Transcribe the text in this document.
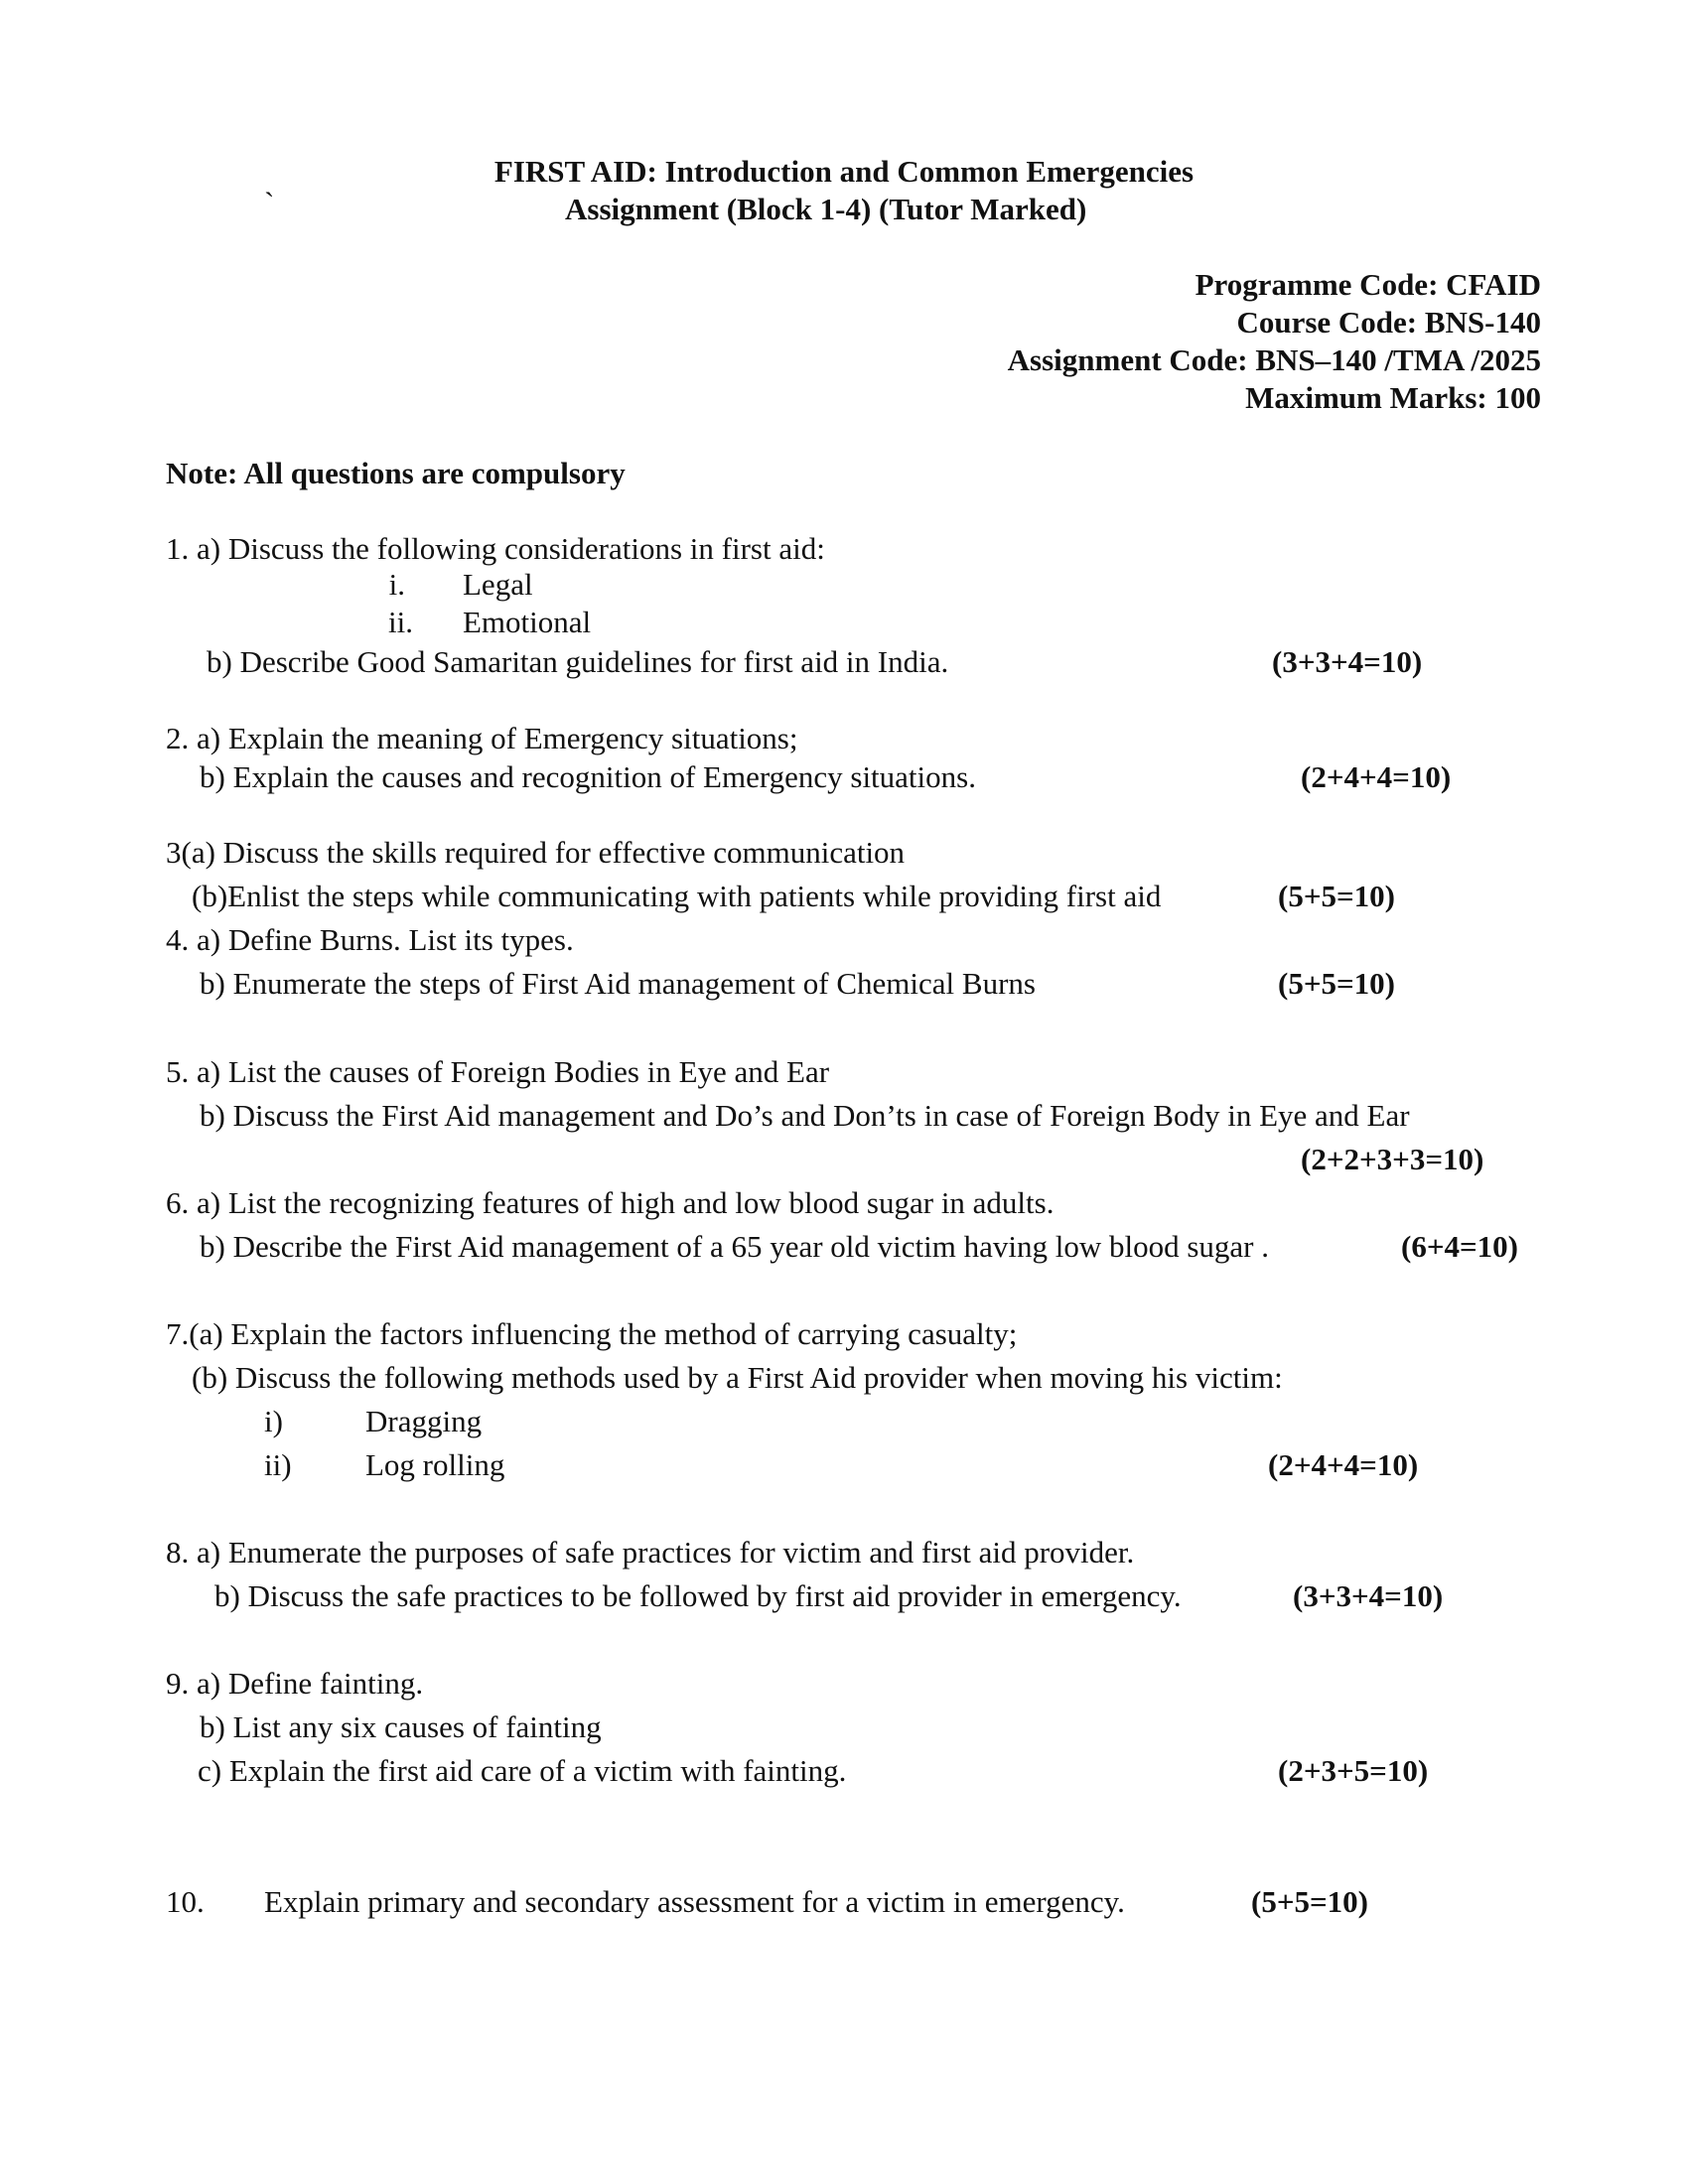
FIRST AID: Introduction and Common Emergencies
`	Assignment (Block 1-4) (Tutor Marked)
Programme Code: CFAID
Course Code: BNS-140
Assignment Code: BNS–140 /TMA /2025
Maximum Marks: 100
Note: All questions are compulsory
1. a) Discuss the following considerations in first aid:
i. Legal
ii. Emotional
b) Describe Good Samaritan guidelines for first aid in India.	(3+3+4=10)
2. a) Explain the meaning of Emergency situations;
b) Explain the causes and recognition of Emergency situations.	(2+4+4=10)
3(a) Discuss the skills required for effective communication
(b)Enlist the steps while communicating with patients while providing first aid	(5+5=10)
4. a) Define Burns. List its types.
b) Enumerate the steps of First Aid management of Chemical Burns	(5+5=10)
5. a) List the causes of Foreign Bodies in Eye and Ear
b) Discuss the First Aid management and Do’s and Don’ts in case of Foreign Body in Eye and Ear
(2+2+3+3=10)
6. a) List the recognizing features of high and low blood sugar in adults.
b) Describe the First Aid management of a 65 year old victim having low blood sugar .	(6+4=10)
7.(a) Explain the factors influencing the method of carrying casualty;
(b) Discuss the following methods used by a First Aid provider when moving his victim:
i)	Dragging
ii) Log rolling	(2+4+4=10)
8. a) Enumerate the purposes of safe practices for victim and first aid provider.
b) Discuss the safe practices to be followed by first aid provider in emergency.	(3+3+4=10)
9. a) Define fainting.
b) List any six causes of fainting
c) Explain the first aid care of a victim with fainting.	(2+3+5=10)
10. Explain primary and secondary assessment for a victim in emergency.	(5+5=10)
